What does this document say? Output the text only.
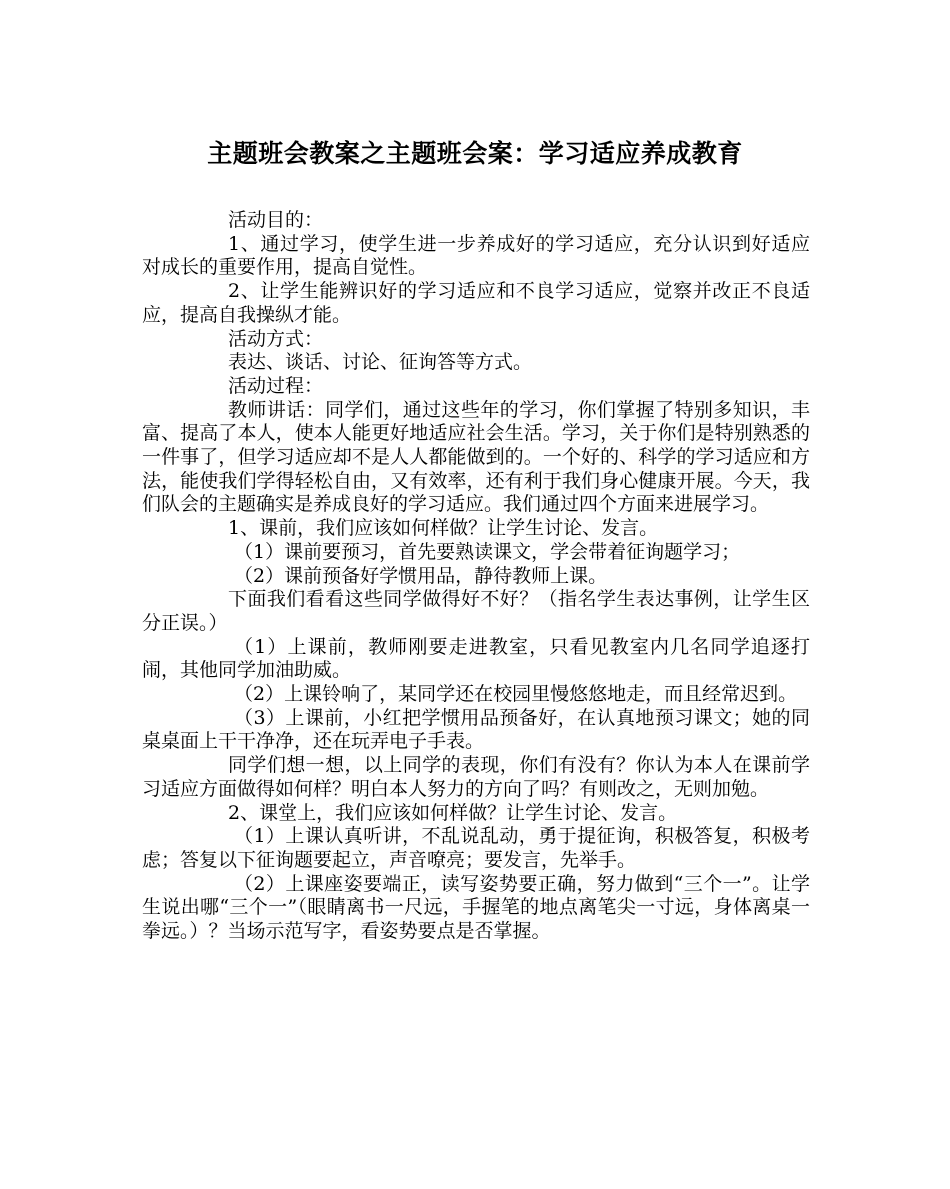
主题班会教案之主题班会案：学习适应养成教育

活动目的：

1、通过学习，使学生进一步养成好的学习适应，充分认识到好适应对成长的重要作用，提高自觉性。

2、让学生能辨识好的学习适应和不良学习适应，觉察并改正不良适应，提高自我操纵才能。

活动方式：

表达、谈话、讨论、征询答等方式。

活动过程：

教师讲话：同学们，通过这些年的学习，你们掌握了特别多知识，丰富、提高了本人，使本人能更好地适应社会生活。学习，关于你们是特别熟悉的一件事了，但学习适应却不是人人都能做到的。一个好的、科学的学习适应和方法，能使我们学得轻松自由，又有效率，还有利于我们身心健康开展。今天，我们队会的主题确实是养成良好的学习适应。我们通过四个方面来进展学习。

1、课前，我们应该如何样做？让学生讨论、发言。

（1）课前要预习，首先要熟读课文，学会带着征询题学习；

（2）课前预备好学惯用品，静待教师上课。

下面我们看看这些同学做得好不好？（指名学生表达事例，让学生区分正误。）

（1）上课前，教师刚要走进教室，只看见教室内几名同学追逐打闹，其他同学加油助威。

（2）上课铃响了，某同学还在校园里慢悠悠地走，而且经常迟到。

（3）上课前，小红把学惯用品预备好，在认真地预习课文；她的同桌桌面上干干净净，还在玩弄电子手表。

同学们想一想，以上同学的表现，你们有没有？你认为本人在课前学习适应方面做得如何样？明白本人努力的方向了吗？有则改之，无则加勉。

2、课堂上，我们应该如何样做？让学生讨论、发言。

（1）上课认真听讲，不乱说乱动，勇于提征询，积极答复，积极考虑；答复以下征询题要起立，声音嘹亮；要发言，先举手。

（2）上课座姿要端正，读写姿势要正确，努力做到“三个一”。让学生说出哪“三个一”（眼睛离书一尺远，手握笔的地点离笔尖一寸远，身体离桌一拳远。）？当场示范写字，看姿势要点是否掌握。
